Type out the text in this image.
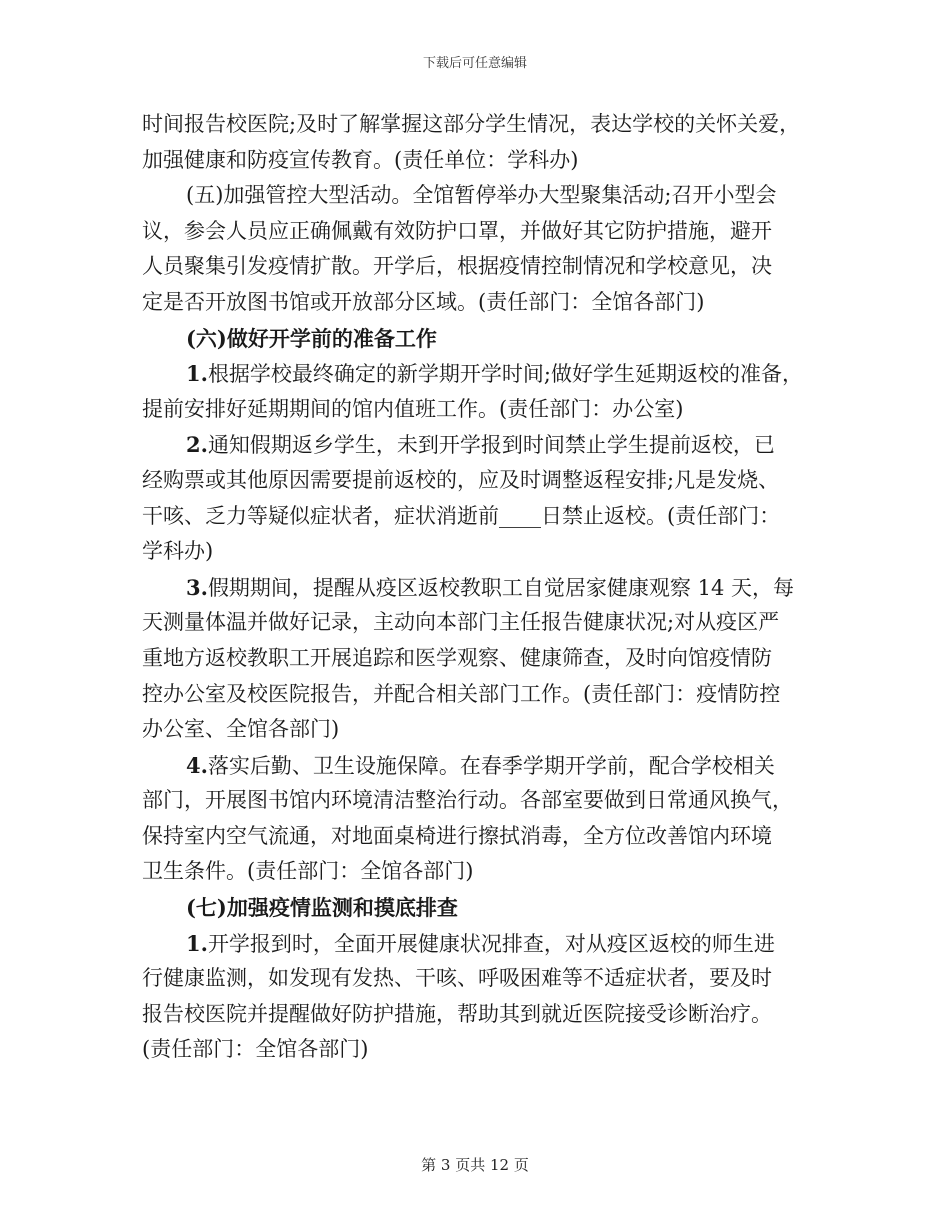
下载后可任意编辑
时间报告校医院;及时了解掌握这部分学生情况，表达学校的关怀关爱，
加强健康和防疫宣传教育。(责任单位：学科办)
(五)加强管控大型活动。全馆暂停举办大型聚集活动;召开小型会
议，参会人员应正确佩戴有效防护口罩，并做好其它防护措施，避开
人员聚集引发疫情扩散。开学后，根据疫情控制情况和学校意见，决
定是否开放图书馆或开放部分区域。(责任部门：全馆各部门)
(六)做好开学前的准备工作
1.根据学校最终确定的新学期开学时间;做好学生延期返校的准备，
提前安排好延期期间的馆内值班工作。(责任部门：办公室)
2.通知假期返乡学生，未到开学报到时间禁止学生提前返校，已
经购票或其他原因需要提前返校的，应及时调整返程安排;凡是发烧、
干咳、乏力等疑似症状者，症状消逝前____日禁止返校。(责任部门：
学科办)
3.假期期间，提醒从疫区返校教职工自觉居家健康观察 14 天，每
天测量体温并做好记录，主动向本部门主任报告健康状况;对从疫区严
重地方返校教职工开展追踪和医学观察、健康筛查，及时向馆疫情防
控办公室及校医院报告，并配合相关部门工作。(责任部门：疫情防控
办公室、全馆各部门)
4.落实后勤、卫生设施保障。在春季学期开学前，配合学校相关
部门，开展图书馆内环境清洁整治行动。各部室要做到日常通风换气，
保持室内空气流通，对地面桌椅进行擦拭消毒，全方位改善馆内环境
卫生条件。(责任部门：全馆各部门)
(七)加强疫情监测和摸底排查
1.开学报到时，全面开展健康状况排查，对从疫区返校的师生进
行健康监测，如发现有发热、干咳、呼吸困难等不适症状者，要及时
报告校医院并提醒做好防护措施，帮助其到就近医院接受诊断治疗。
(责任部门：全馆各部门)
第 3 页共 12 页
